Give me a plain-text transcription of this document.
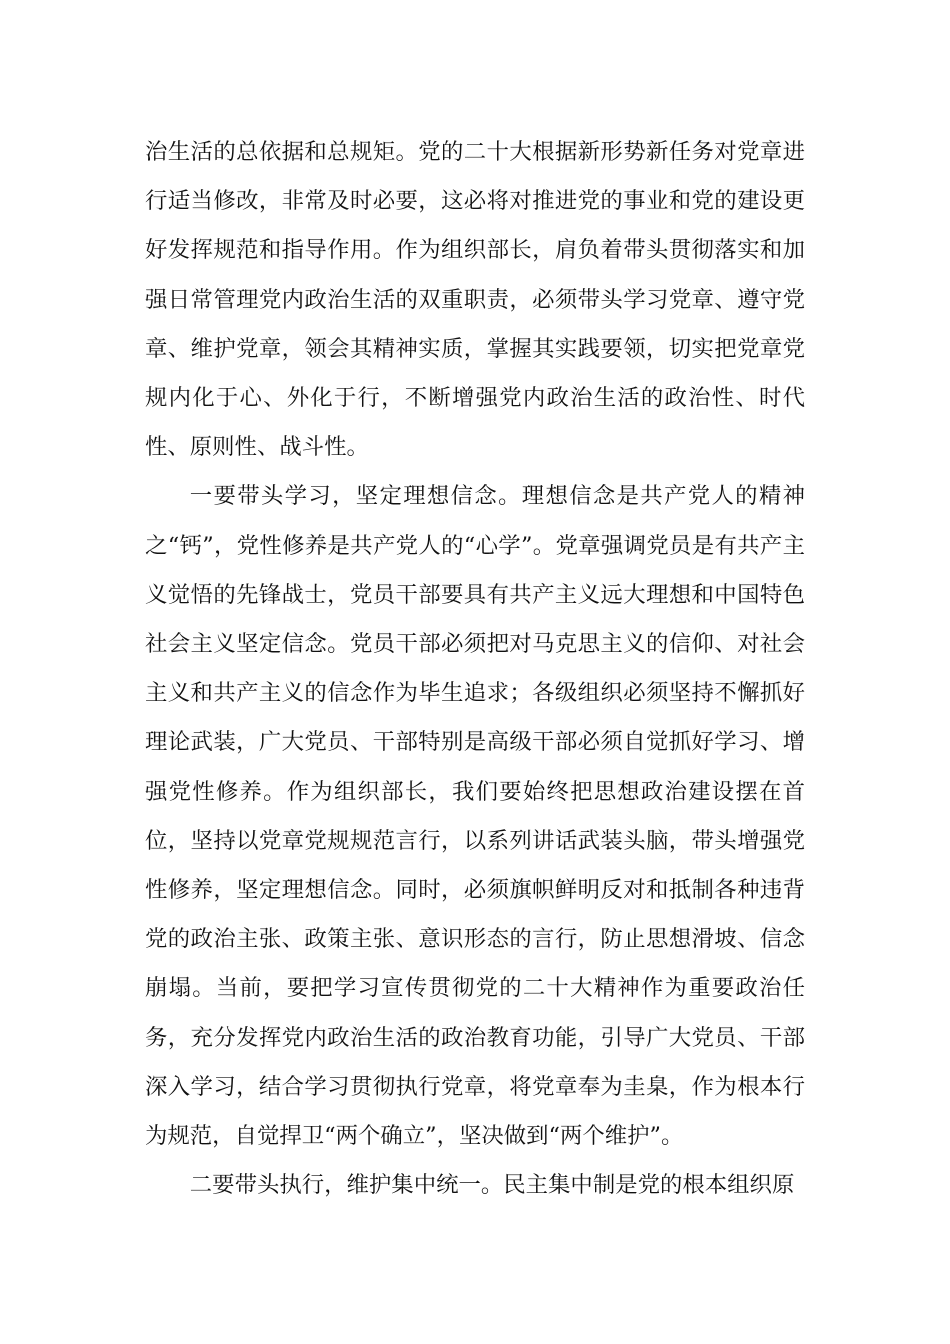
治生活的总依据和总规矩。党的二十大根据新形势新任务对党章进行适当修改，非常及时必要，这必将对推进党的事业和党的建设更好发挥规范和指导作用。作为组织部长，肩负着带头贯彻落实和加强日常管理党内政治生活的双重职责，必须带头学习党章、遵守党章、维护党章，领会其精神实质，掌握其实践要领，切实把党章党规内化于心、外化于行，不断增强党内政治生活的政治性、时代性、原则性、战斗性。

一要带头学习，坚定理想信念。理想信念是共产党人的精神之“钙”，党性修养是共产党人的“心学”。党章强调党员是有共产主义觉悟的先锋战士，党员干部要具有共产主义远大理想和中国特色社会主义坚定信念。党员干部必须把对马克思主义的信仰、对社会主义和共产主义的信念作为毕生追求；各级组织必须坚持不懈抓好理论武装，广大党员、干部特别是高级干部必须自觉抓好学习、增强党性修养。作为组织部长，我们要始终把思想政治建设摆在首位，坚持以党章党规规范言行，以系列讲话武装头脑，带头增强党性修养，坚定理想信念。同时，必须旗帜鲜明反对和抵制各种违背党的政治主张、政策主张、意识形态的言行，防止思想滑坡、信念崩塌。当前，要把学习宣传贯彻党的二十大精神作为重要政治任务，充分发挥党内政治生活的政治教育功能，引导广大党员、干部深入学习，结合学习贯彻执行党章，将党章奉为圭臬，作为根本行为规范，自觉捍卫“两个确立”，坚决做到“两个维护”。

二要带头执行，维护集中统一。民主集中制是党的根本组织原
